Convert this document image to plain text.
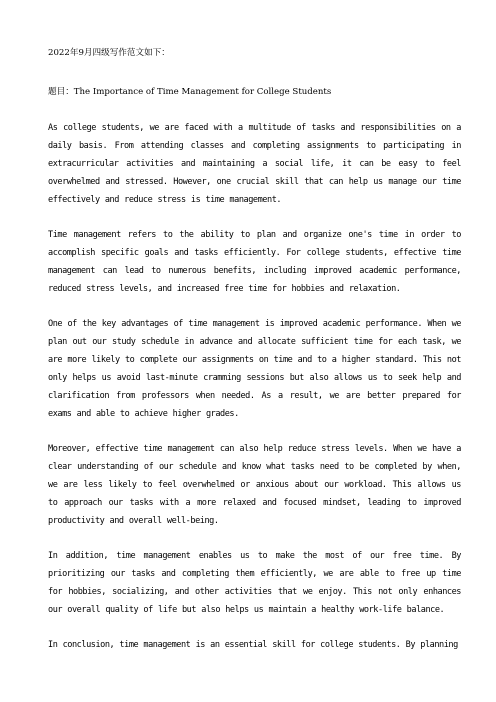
2022年9月四级写作范文如下：

题目：The Importance of Time Management for College Students

As college students, we are faced with a multitude of tasks and responsibilities on a daily basis. From attending classes and completing assignments to participating in extracurricular activities and maintaining a social life, it can be easy to feel overwhelmed and stressed. However, one crucial skill that can help us manage our time effectively and reduce stress is time management.

Time management refers to the ability to plan and organize one's time in order to accomplish specific goals and tasks efficiently. For college students, effective time management can lead to numerous benefits, including improved academic performance, reduced stress levels, and increased free time for hobbies and relaxation.

One of the key advantages of time management is improved academic performance. When we plan out our study schedule in advance and allocate sufficient time for each task, we are more likely to complete our assignments on time and to a higher standard. This not only helps us avoid last-minute cramming sessions but also allows us to seek help and clarification from professors when needed. As a result, we are better prepared for exams and able to achieve higher grades.

Moreover, effective time management can also help reduce stress levels. When we have a clear understanding of our schedule and know what tasks need to be completed by when, we are less likely to feel overwhelmed or anxious about our workload. This allows us to approach our tasks with a more relaxed and focused mindset, leading to improved productivity and overall well-being.

In addition, time management enables us to make the most of our free time. By prioritizing our tasks and completing them efficiently, we are able to free up time for hobbies, socializing, and other activities that we enjoy. This not only enhances our overall quality of life but also helps us maintain a healthy work-life balance.

In conclusion, time management is an essential skill for college students. By planning
